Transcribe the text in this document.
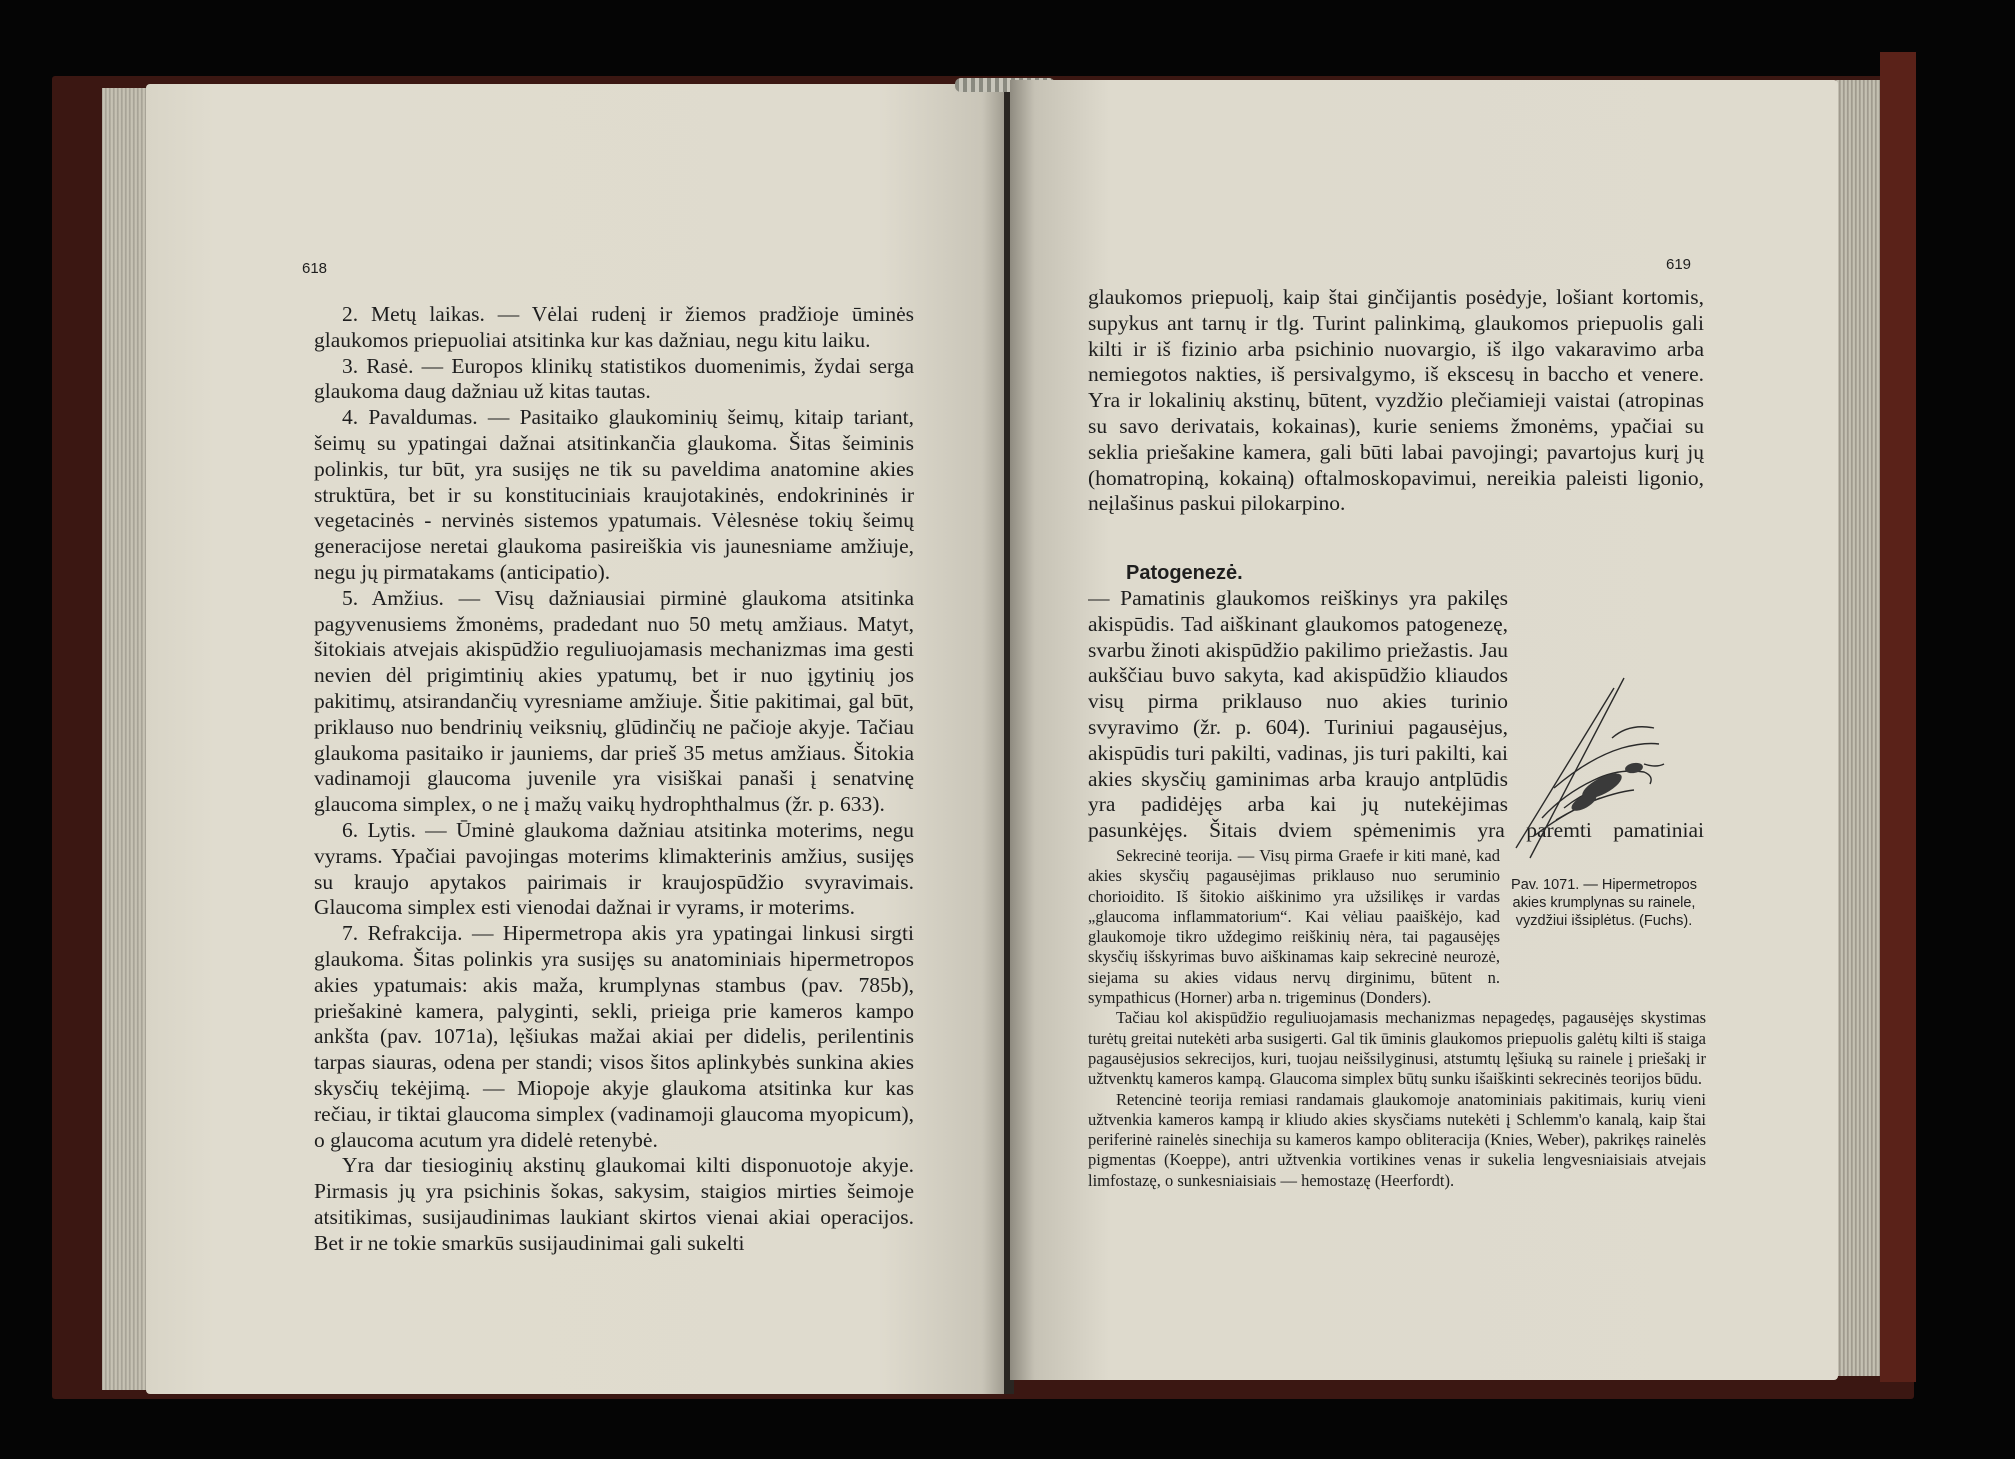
618

2. Metų laikas. — Vėlai rudenį ir žiemos pradžioje ūminės glaukomos priepuoliai atsitinka kur kas dažniau, negu kitu laiku.

3. Rasė. — Europos klinikų statistikos duomenimis, žydai serga glaukoma daug dažniau už kitas tautas.

4. Pavaldumas. — Pasitaiko glaukominių šeimų, kitaip tariant, šeimų su ypatingai dažnai atsitinkančia glaukoma. Šitas šeiminis polinkis, tur būt, yra susijęs ne tik su paveldima anatomine akies struktūra, bet ir su konstituciniais kraujotakinės, endokrininės ir vegetacinės - nervinės sistemos ypatumais. Vėlesnėse tokių šeimų generacijose neretai glaukoma pasireiškia vis jaunesniame amžiuje, negu jų pirmatakams (anticipatio).

5. Amžius. — Visų dažniausiai pirminė glaukoma atsitinka pagyvenusiems žmonėms, pradedant nuo 50 metų amžiaus. Matyt, šitokiais atvejais akispūdžio reguliuojamasis mechanizmas ima gesti nevien dėl prigimtinių akies ypatumų, bet ir nuo įgytinių jos pakitimų, atsirandančių vyresniame amžiuje. Šitie pakitimai, gal būt, priklauso nuo bendrinių veiksnių, glūdinčių ne pačioje akyje. Tačiau glaukoma pasitaiko ir jauniems, dar prieš 35 metus amžiaus. Šitokia vadinamoji glaucoma juvenile yra visiškai panaši į senatvinę glaucoma simplex, o ne į mažų vaikų hydrophthalmus (žr. p. 633).

6. Lytis. — Ūminė glaukoma dažniau atsitinka moterims, negu vyrams. Ypačiai pavojingas moterims klimakterinis amžius, susijęs su kraujo apytakos pairimais ir kraujospūdžio svyravimais. Glaucoma simplex esti vienodai dažnai ir vyrams, ir moterims.

7. Refrakcija. — Hipermetropa akis yra ypatingai linkusi sirgti glaukoma. Šitas polinkis yra susijęs su anatominiais hipermetropos akies ypatumais: akis maža, krumplynas stambus (pav. 785b), priešakinė kamera, palyginti, sekli, prieiga prie kameros kampo ankšta (pav. 1071a), lęšiukas mažai akiai per didelis, perilentinis tarpas siauras, odena per standi; visos šitos aplinkybės sunkina akies skysčių tekėjimą. — Miopoje akyje glaukoma atsitinka kur kas rečiau, ir tiktai glaucoma simplex (vadinamoji glaucoma myopicum), o glaucoma acutum yra didelė retenybė.

Yra dar tiesioginių akstinų glaukomai kilti disponuotoje akyje. Pirmasis jų yra psichinis šokas, sakysim, staigios mirties šeimoje atsitikimas, susijaudinimas laukiant skirtos vienai akiai operacijos. Bet ir ne tokie smarkūs susijaudinimai gali sukelti

619

glaukomos priepuolį, kaip štai ginčijantis posėdyje, lošiant kortomis, supykus ant tarnų ir tlg. Turint palinkimą, glaukomos priepuolis gali kilti ir iš fizinio arba psichinio nuovargio, iš ilgo vakaravimo arba nemiegotos nakties, iš persivalgymo, iš ekscesų in baccho et venere. Yra ir lokalinių akstinų, būtent, vyzdžio plečiamieji vaistai (atropinas su savo derivatais, kokainas), kurie seniems žmonėms, ypačiai su seklia priešakine kamera, gali būti labai pavojingi; pavartojus kurį jų (homatropiną, kokainą) oftalmoskopavimui, nereikia paleisti ligonio, neįlašinus paskui pilokarpino.

Patogenezė.

— Pamatinis glaukomos reiškinys yra pakilęs akispūdis. Tad aiškinant glaukomos patogenezę, svarbu žinoti akispūdžio pakilimo priežastis. Jau aukščiau buvo sakyta, kad akispūdžio kliaudos visų pirma priklauso nuo akies turinio svyravimo (žr. p. 604). Turiniui pagausėjus, akispūdis turi pakilti, vadinas, jis turi pakilti, kai akies skysčių gaminimas arba kraujo antplūdis yra padidėjęs arba kai jų nutekėjimas pasunkėjęs. Šitais dviem spėmenimis yra paremti pamatiniai

Sekrecinė teorija. — Visų pirma Graefe ir kiti manė, kad akies skysčių pagausėjimas priklauso nuo seruminio chorioidito. Iš šitokio aiškinimo yra užsilikęs ir vardas „glaucoma inflammatorium“. Kai vėliau paaiškėjo, kad glaukomoje tikro uždegimo reiškinių nėra, tai pagausėjęs skysčių išskyrimas buvo aiškinamas kaip sekrecinė neurozė, siejama su akies vidaus nervų dirginimu, būtent n. sympathicus (Horner) arba n. trigeminus (Donders).

Tačiau kol akispūdžio reguliuojamasis mechanizmas nepagedęs, pagausėjęs skystimas turėtų greitai nutekėti arba susigerti. Gal tik ūminis glaukomos priepuolis galėtų kilti iš staiga pagausėjusios sekrecijos, kuri, tuojau neišsilyginusi, atstumtų lęšiuką su rainele į priešakį ir užtvenktų kameros kampą. Glaucoma simplex būtų sunku išaiškinti sekrecinės teorijos būdu.

Retencinė teorija remiasi randamais glaukomoje anatominiais pakitimais, kurių vieni užtvenkia kameros kampą ir kliudo akies skysčiams nutekėti į Schlemm'o kanalą, kaip štai periferinė rainelės sinechija su kameros kampo obliteracija (Knies, Weber), pakrikęs rainelės pigmentas (Koeppe), antri užtvenkia vortikines venas ir sukelia lengvesniaisiais atvejais limfostazę, o sunkesniaisiais — hemostazę (Heerfordt).

Pav. 1071. — Hipermetropos akies krumplynas su rainele, vyzdžiui išsiplėtus. (Fuchs).
